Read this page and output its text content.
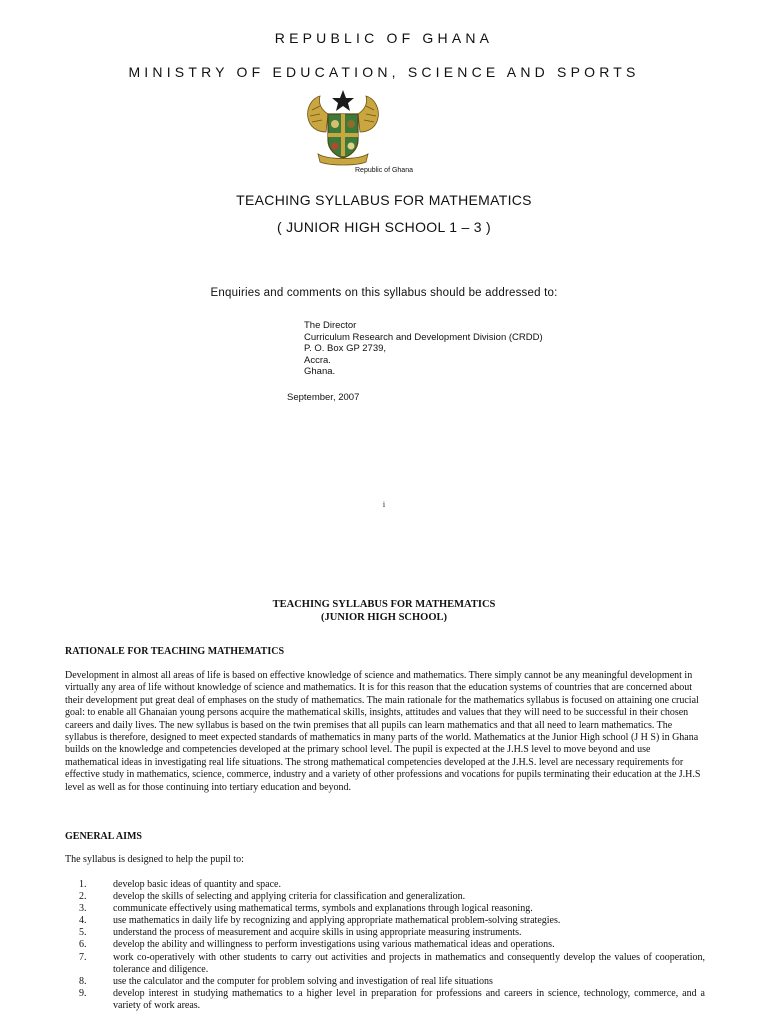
REPUBLIC OF GHANA
MINISTRY OF EDUCATION, SCIENCE AND SPORTS
Republic of Ghana
TEACHING SYLLABUS FOR MATHEMATICS
( JUNIOR HIGH SCHOOL 1 – 3 )
Enquiries and comments on this syllabus should be addressed to:
The Director
Curriculum Research and Development Division (CRDD)
P. O. Box GP 2739,
Accra.
Ghana.
September, 2007
i
TEACHING SYLLABUS FOR MATHEMATICS
(JUNIOR HIGH SCHOOL)
RATIONALE FOR TEACHING MATHEMATICS
Development in almost all areas of life is based on effective knowledge of science and mathematics. There simply cannot be any meaningful development in virtually any area of life without knowledge of science and mathematics. It is for this reason that the education systems of countries that are concerned about their development put great deal of emphases on the study of mathematics. The main rationale for the mathematics syllabus is focused on attaining one crucial goal: to enable all Ghanaian young persons acquire the mathematical skills, insights, attitudes and values that they will need to be successful in their chosen careers and daily lives. The new syllabus is based on the twin premises that all pupils can learn mathematics and that all need to learn mathematics. The syllabus is therefore, designed to meet expected standards of mathematics in many parts of the world. Mathematics at the Junior High school (J H S) in Ghana builds on the knowledge and competencies developed at the primary school level. The pupil is expected at the J.H.S level to move beyond and use mathematical ideas in investigating real life situations. The strong mathematical competencies developed at the J.H.S. level are necessary requirements for effective study in mathematics, science, commerce, industry and a variety of other professions and vocations for pupils terminating their education at the J.H.S level as well as for those continuing into tertiary education and beyond.
GENERAL AIMS
The syllabus is designed to help the pupil to:
1.	develop basic ideas of quantity and space.
2.	develop the skills of selecting and applying criteria for classification and generalization.
3.	communicate effectively using mathematical terms, symbols and explanations through logical reasoning.
4.	use mathematics in daily life by recognizing and applying appropriate mathematical problem-solving strategies.
5.	understand the process of measurement and acquire skills in using appropriate measuring instruments.
6.	develop the ability and willingness to perform investigations using various mathematical ideas and operations.
7.	work co-operatively with other students to carry out activities and projects in mathematics and consequently develop the values of cooperation, tolerance and diligence.
8.	use the calculator and the computer for problem solving and investigation of real life situations
9.	develop interest in studying mathematics to a higher level in preparation for professions and careers in science, technology, commerce, and a variety of work areas.
